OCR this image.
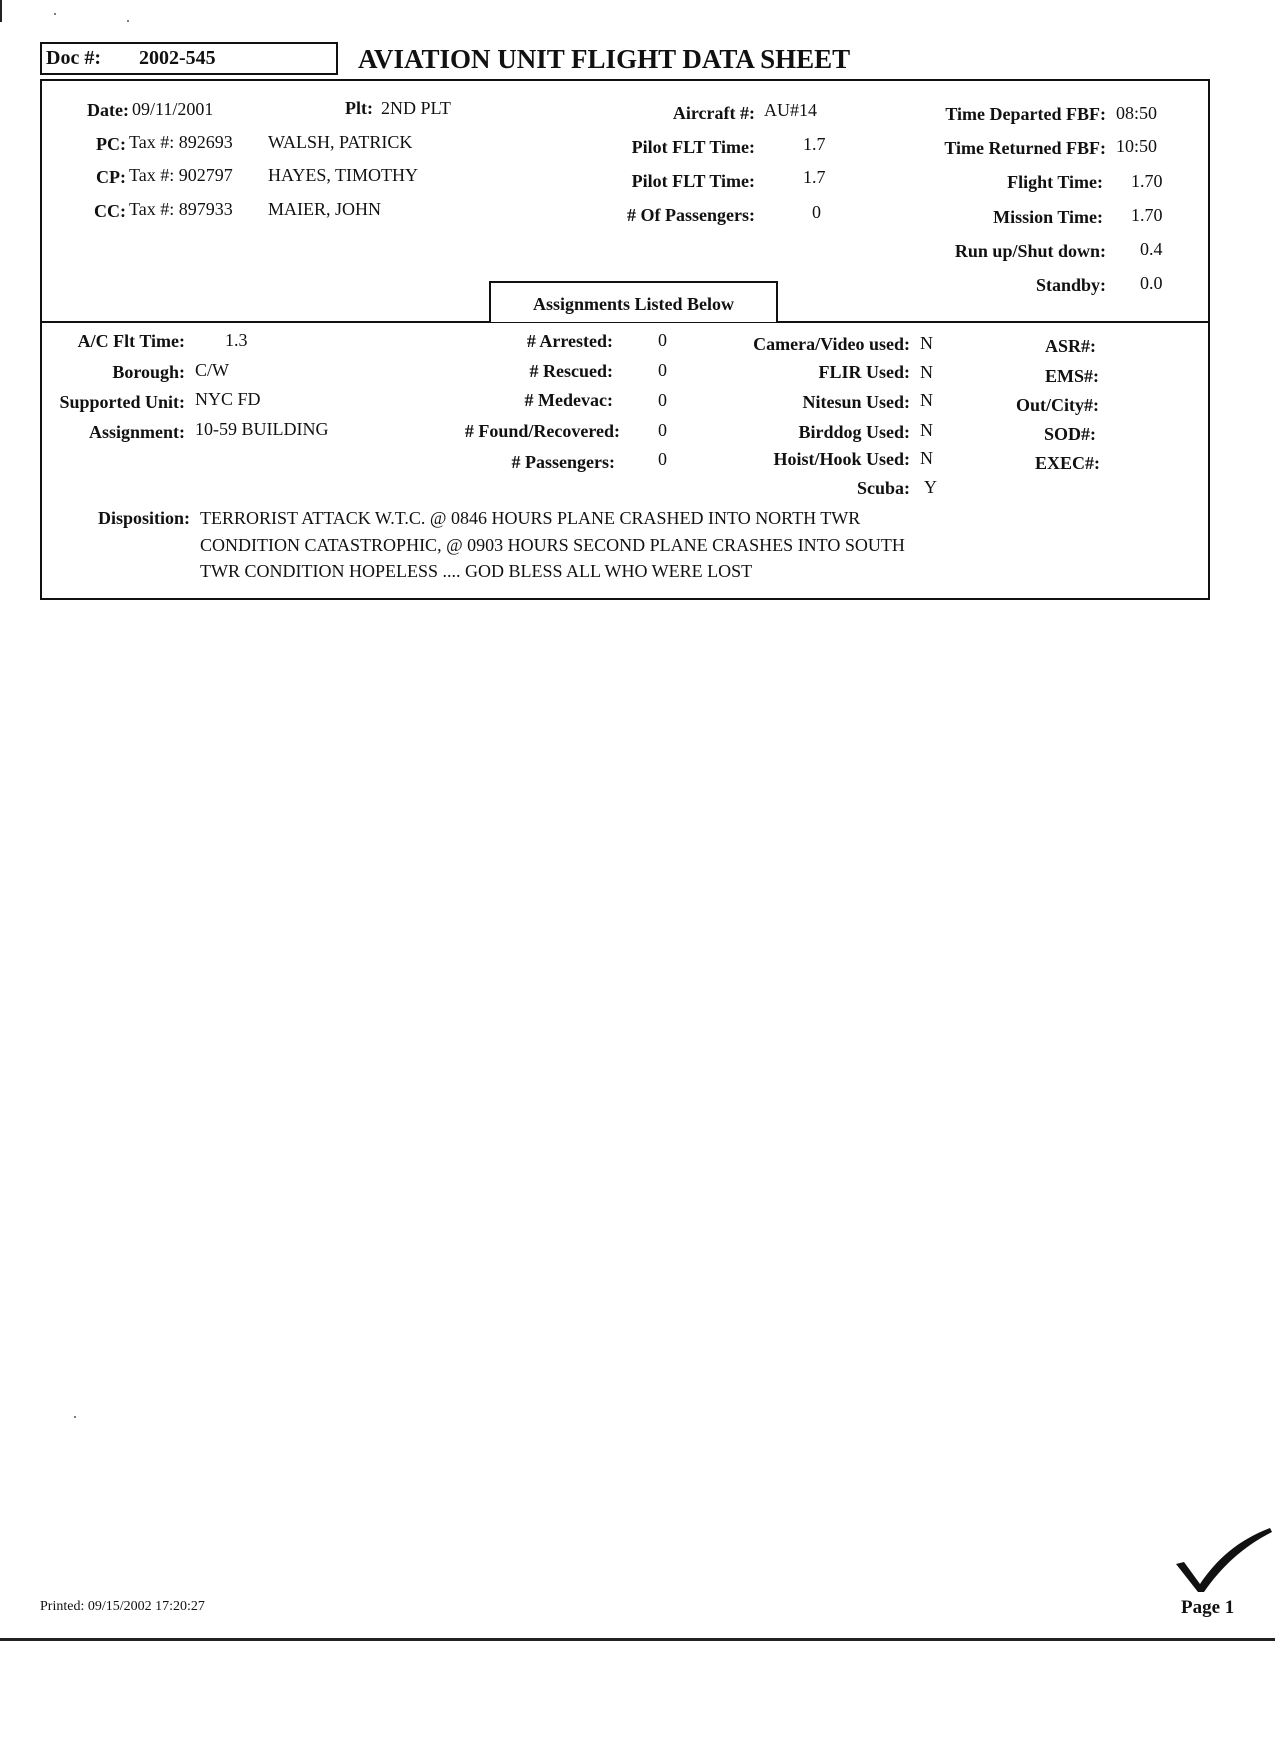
Doc #: 2002-545	AVIATION UNIT FLIGHT DATA SHEET
Date: 09/11/2001	Plt: 2ND PLT
PC: Tax #: 892693 WALSH, PATRICK
CP: Tax #: 902797 HAYES, TIMOTHY
CC: Tax #: 897933 MAIER, JOHN
Aircraft #: AU#14
Pilot FLT Time:	1.7
Pilot FLT Time:	1.7
# Of Passengers:	0
Time Departed FBF: 08:50
Time Returned FBF: 10:50
Flight Time: 1.70
Mission Time: 1.70
Run up/Shut down: 0.4
Standby: 0.0
Assignments Listed Below
A/C Flt Time: 1.3
Borough: C/W
Supported Unit: NYC FD
Assignment: 10-59 BUILDING
# Arrested:	0
# Rescued:	0
# Medevac:	0
# Found/Recovered: 0
# Passengers: 0
Camera/Video used: N
FLIR Used: N
Nitesun Used: N
Birddog Used: N
Hoist/Hook Used: N
Scuba: Y
ASR#:
EMS#:
Out/City#:
SOD#:
EXEC#:
Disposition: TERRORIST ATTACK W.T.C. @ 0846 HOURS PLANE CRASHED INTO NORTH TWR
CONDITION CATASTROPHIC, @ 0903 HOURS SECOND PLANE CRASHES INTO SOUTH
TWR CONDITION HOPELESS .... GOD BLESS ALL WHO WERE LOST
Printed: 09/15/2002 17:20:27	Page 1
